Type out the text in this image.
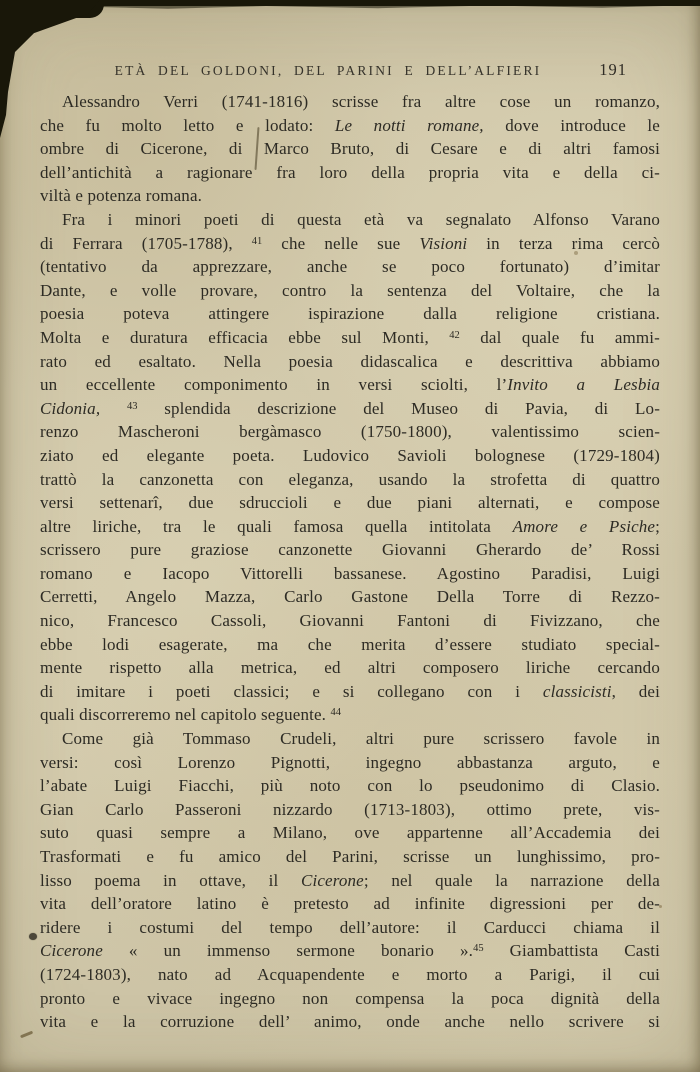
ETÀ DEL GOLDONI, DEL PARINI E DELL’ALFIERI	191
Alessandro Verri (1741-1816) scrisse fra altre cose un romanzo,
che fu molto letto e lodato: Le notti romane, dove introduce le
ombre di Cicerone, di Marco Bruto, di Cesare e di altri famosi
dell’antichità a ragionare fra loro della propria vita e della ci-
viltà e potenza romana.
Fra i minori poeti di questa età va segnalato Alfonso Varano
di Ferrara (1705-1788), $^{41}$ che nelle sue Visioni in terza rima cercò
(tentativo da apprezzare, anche se poco fortunato) d’imitar
Dante, e volle provare, contro la sentenza del Voltaire, che la
poesia poteva attingere ispirazione dalla religione cristiana.
Molta e duratura efficacia ebbe sul Monti, $^{42}$ dal quale fu ammi-
rato ed esaltato. Nella poesia didascalica e descrittiva abbiamo
un eccellente componimento in versi sciolti, l’Invito a Lesbia
Cidonia, $^{43}$ splendida descrizione del Museo di Pavia, di Lo-
renzo Mascheroni bergàmasco (1750-1800), valentissimo scien-
ziato ed elegante poeta. Ludovico Savioli bolognese (1729-1804)
trattò la canzonetta con eleganza, usando la strofetta di quattro
versi settenarî, due sdruccioli e due piani alternati, e compose
altre liriche, tra le quali famosa quella intitolata Amore e Psiche;
scrissero pure graziose canzonette Giovanni Gherardo de’ Rossi
romano e Iacopo Vittorelli bassanese. Agostino Paradisi, Luigi
Cerretti, Angelo Mazza, Carlo Gastone Della Torre di Rezzo-
nico, Francesco Cassoli, Giovanni Fantoni di Fivizzano, che
ebbe lodi esagerate, ma che merita d’essere studiato special-
mente rispetto alla metrica, ed altri composero liriche cercando
di imitare i poeti classici; e si collegano con i classicisti, dei
quali discorreremo nel capitolo seguente. $^{44}$
Come già Tommaso Crudeli, altri pure scrissero favole in
versi: così Lorenzo Pignotti, ingegno abbastanza arguto, e
l’abate Luigi Fiacchi, più noto con lo pseudonimo di Clasio.
Gian Carlo Passeroni nizzardo (1713-1803), ottimo prete, vis-
suto quasi sempre a Milano, ove appartenne all’Accademia dei
Trasformati e fu amico del Parini, scrisse un lunghissimo, pro-
lisso poema in ottave, il Cicerone; nel quale la narrazione della
vita dell’oratore latino è pretesto ad infinite digressioni per de-
ridere i costumi del tempo dell’autore: il Carducci chiama il
Cicerone « un immenso sermone bonario ».$^{45}$ Giambattista Casti
(1724-1803), nato ad Acquapendente e morto a Parigi, il cui
pronto e vivace ingegno non compensa la poca dignità della
vita e la corruzione dell’ animo, onde anche nello scrivere si
